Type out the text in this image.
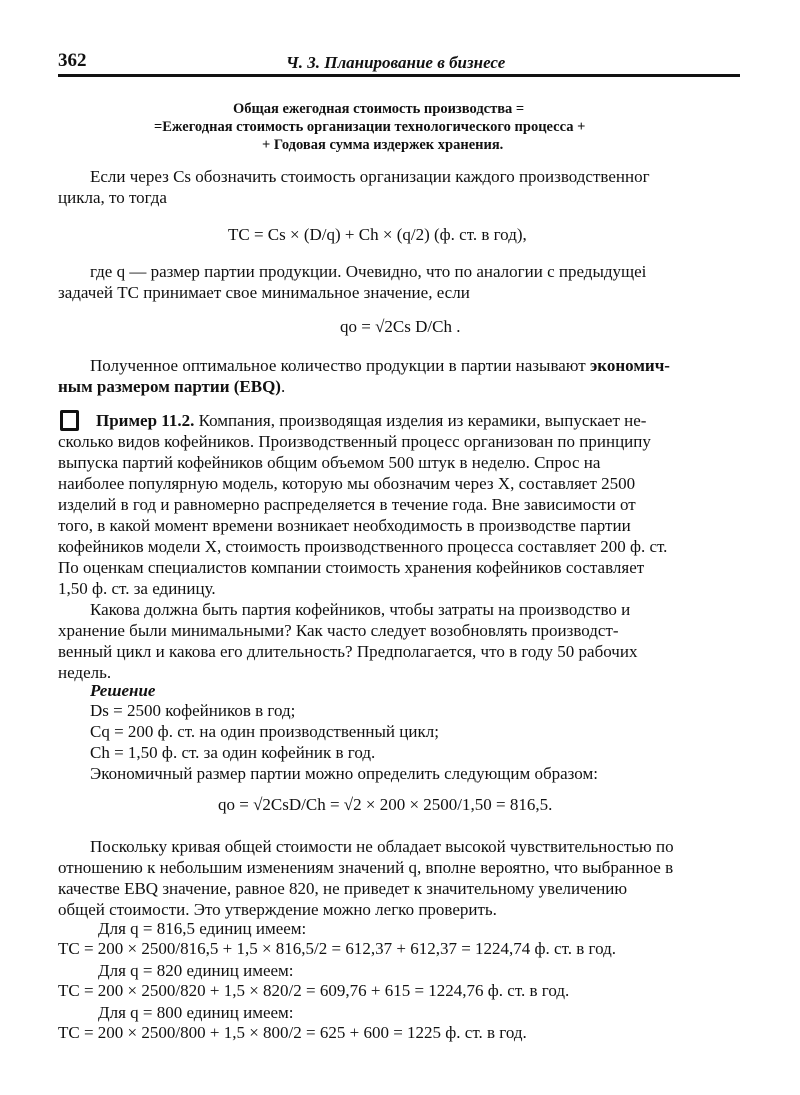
362	Ч. 3. Планирование в бизнесе
Общая ежегодная стоимость производства =
=Ежегодная стоимость организации технологического процесса +
+ Годовая сумма издержек хранения.
Если через Cs обозначить стоимость организации каждого производственног
цикла, то тогда
TC = Cs × (D/q) + Ch × (q/2) (ф. ст. в год),
где q — размер партии продукции. Очевидно, что по аналогии с предыдущеі
задачей TC принимает свое минимальное значение, если
qo = √2Cs D/Ch .
Полученное оптимальное количество продукции в партии называют экономич-
ным размером партии (EBQ).
Пример 11.2. Компания, производящая изделия из керамики, выпускает не-
сколько видов кофейников. Производственный процесс организован по принципу
выпуска партий кофейников общим объемом 500 штук в неделю. Спрос на
наиболее популярную модель, которую мы обозначим через X, составляет 2500
изделий в год и равномерно распределяется в течение года. Вне зависимости от
того, в какой момент времени возникает необходимость в производстве партии
кофейников модели X, стоимость производственного процесса составляет 200 ф. ст.
По оценкам специалистов компании стоимость хранения кофейников составляет
1,50 ф. ст. за единицу.
Какова должна быть партия кофейников, чтобы затраты на производство и
хранение были минимальными? Как часто следует возобновлять производст-
венный цикл и какова его длительность? Предполагается, что в году 50 рабочих
недель.
Решение
Ds = 2500 кофейников в год;
Cq = 200 ф. ст. на один производственный цикл;
Ch = 1,50 ф. ст. за один кофейник в год.
Экономичный размер партии можно определить следующим образом:
qo = √2CsD/Ch = √2 × 200 × 2500/1,50 = 816,5.
Поскольку кривая общей стоимости не обладает высокой чувствительностью по
отношению к небольшим изменениям значений q, вполне вероятно, что выбранное в
качестве EBQ значение, равное 820, не приведет к значительному увеличению
общей стоимости. Это утверждение можно легко проверить.
Для q = 816,5 единиц имеем:
TC = 200 × 2500/816,5 + 1,5 × 816,5/2 = 612,37 + 612,37 = 1224,74 ф. ст. в год.
Для q = 820 единиц имеем:
TC = 200 × 2500/820 + 1,5 × 820/2 = 609,76 + 615 = 1224,76 ф. ст. в год.
Для q = 800 единиц имеем:
TC = 200 × 2500/800 + 1,5 × 800/2 = 625 + 600 = 1225 ф. ст. в год.
